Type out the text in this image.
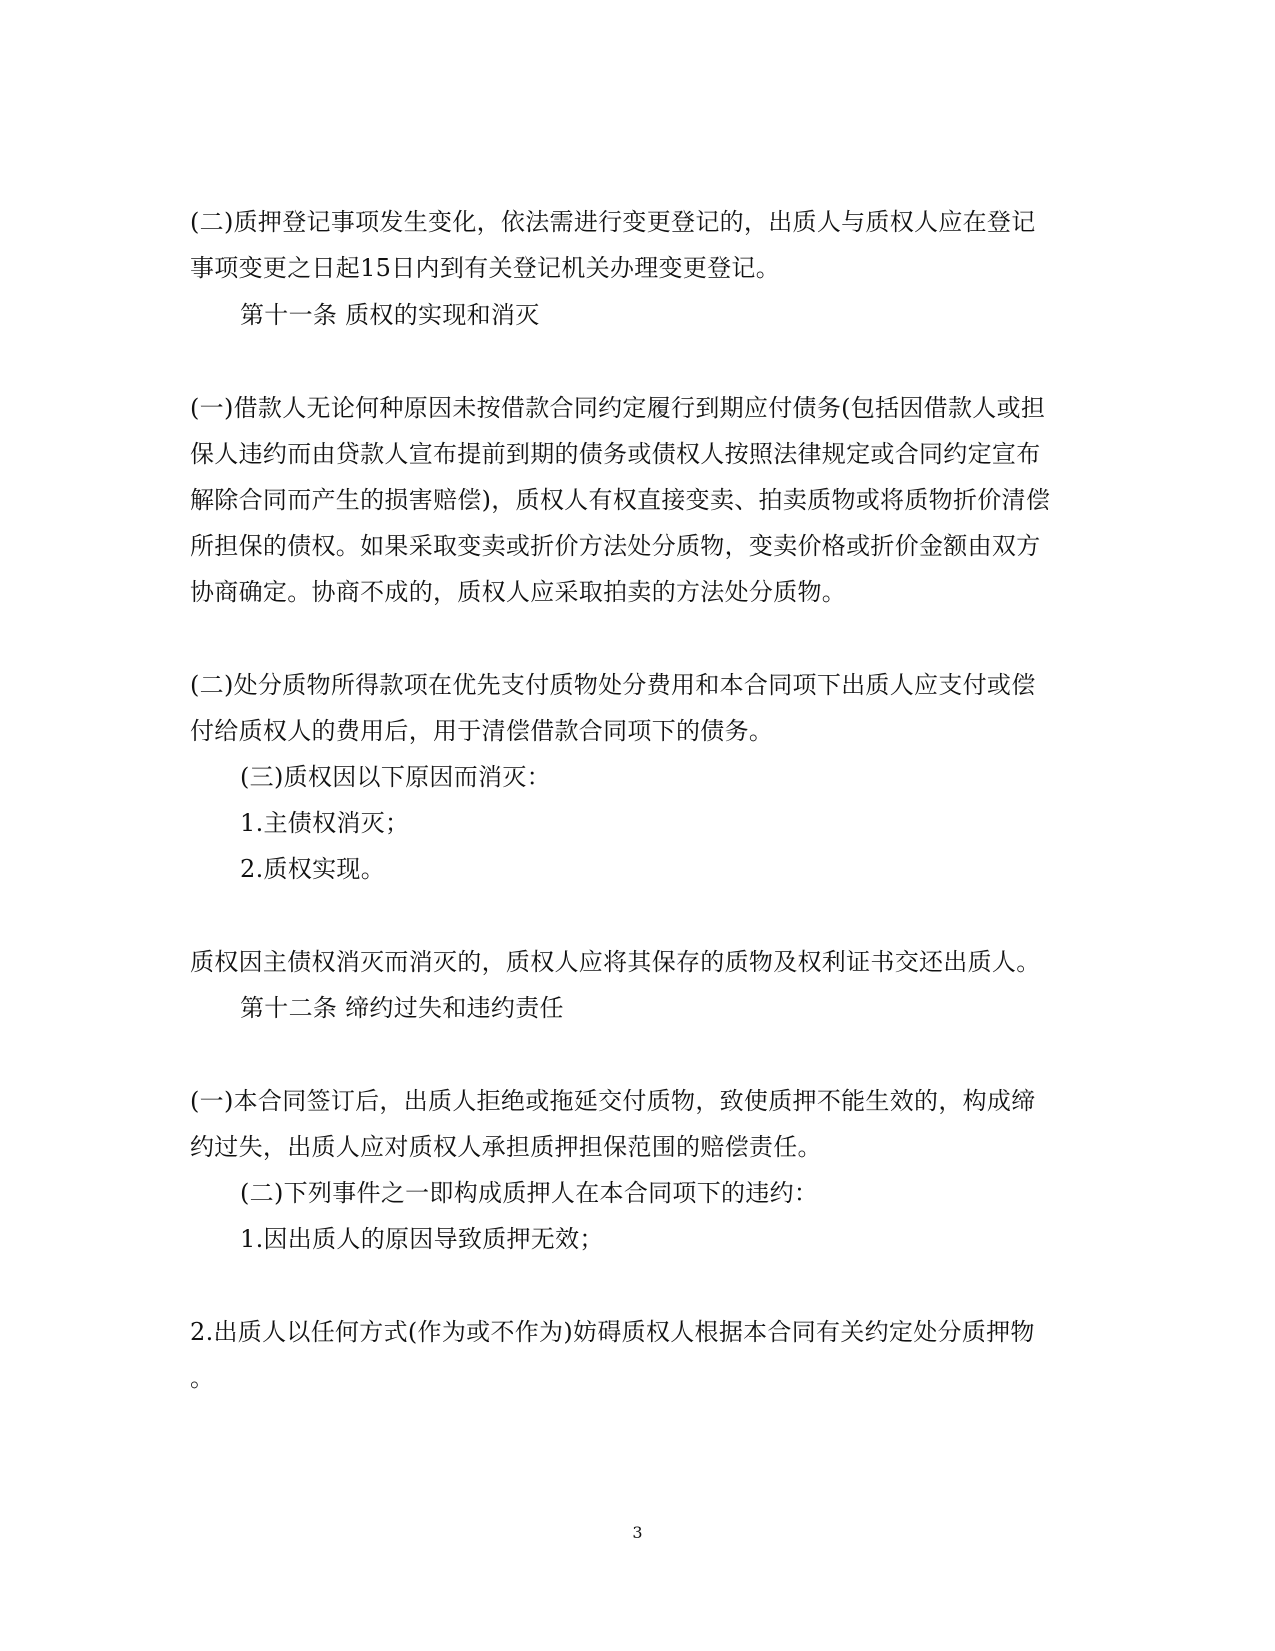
(二)质押登记事项发生变化，依法需进行变更登记的，出质人与质权人应在登记
事项变更之日起15日内到有关登记机关办理变更登记。
第十一条 质权的实现和消灭
(一)借款人无论何种原因未按借款合同约定履行到期应付债务(包括因借款人或担
保人违约而由贷款人宣布提前到期的债务或债权人按照法律规定或合同约定宣布
解除合同而产生的损害赔偿)，质权人有权直接变卖、拍卖质物或将质物折价清偿
所担保的债权。如果采取变卖或折价方法处分质物，变卖价格或折价金额由双方
协商确定。协商不成的，质权人应采取拍卖的方法处分质物。
(二)处分质物所得款项在优先支付质物处分费用和本合同项下出质人应支付或偿
付给质权人的费用后，用于清偿借款合同项下的债务。
(三)质权因以下原因而消灭：
1.主债权消灭；
2.质权实现。
质权因主债权消灭而消灭的，质权人应将其保存的质物及权利证书交还出质人。
第十二条 缔约过失和违约责任
(一)本合同签订后，出质人拒绝或拖延交付质物，致使质押不能生效的，构成缔
约过失，出质人应对质权人承担质押担保范围的赔偿责任。
(二)下列事件之一即构成质押人在本合同项下的违约：
1.因出质人的原因导致质押无效；
2.出质人以任何方式(作为或不作为)妨碍质权人根据本合同有关约定处分质押物
。
3
